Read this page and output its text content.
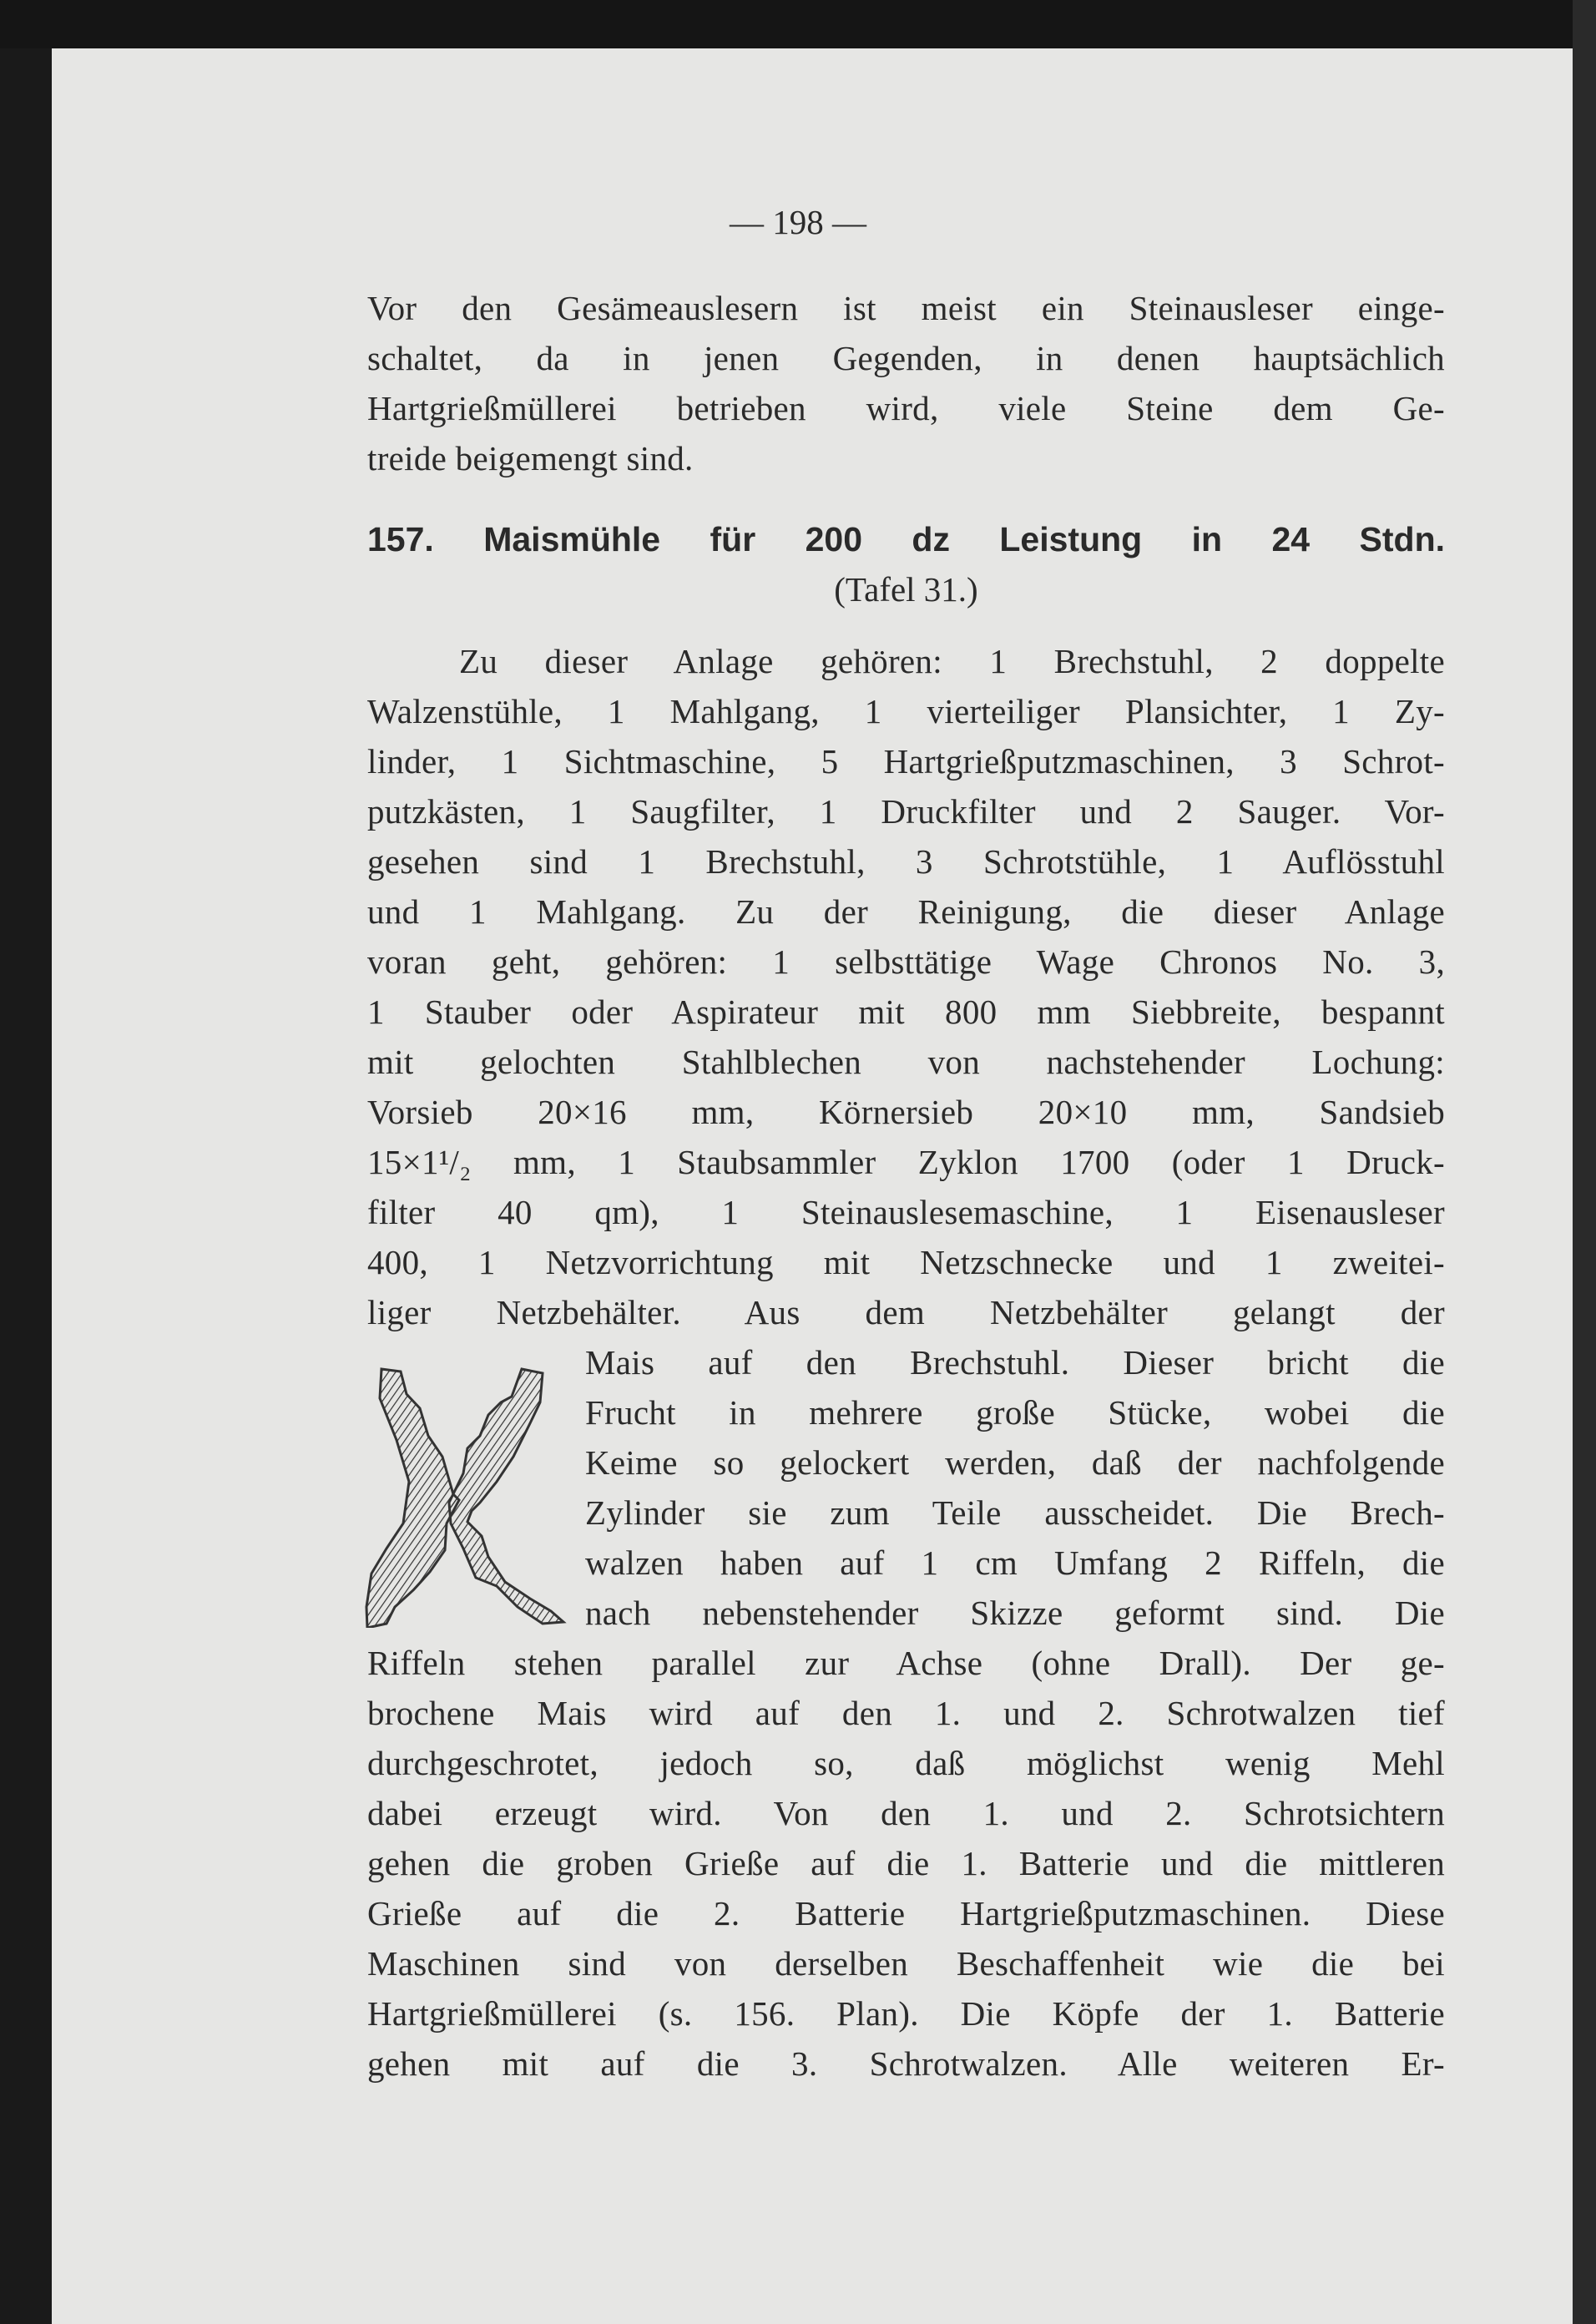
— 198 —
Vor den Gesämeauslesern ist meist ein Steinausleser einge-
schaltet, da in jenen Gegenden, in denen hauptsächlich
Hartgrießmüllerei betrieben wird, viele Steine dem Ge-
treide beigemengt sind.
157. Maismühle für 200 dz Leistung in 24 Stdn.
(Tafel 31.)
Zu dieser Anlage gehören: 1 Brechstuhl, 2 doppelte
Walzenstühle, 1 Mahlgang, 1 vierteiliger Plansichter, 1 Zy-
linder, 1 Sichtmaschine, 5 Hartgrießputzmaschinen, 3 Schrot-
putzkästen, 1 Saugfilter, 1 Druckfilter und 2 Sauger. Vor-
gesehen sind 1 Brechstuhl, 3 Schrotstühle, 1 Auflösstuhl
und 1 Mahlgang. Zu der Reinigung, die dieser Anlage
voran geht, gehören: 1 selbsttätige Wage Chronos No. 3,
1 Stauber oder Aspirateur mit 800 mm Siebbreite, bespannt
mit gelochten Stahlblechen von nachstehender Lochung:
Vorsieb 20×16 mm, Körnersieb 20×10 mm, Sandsieb
15×1¹/₂ mm, 1 Staubsammler Zyklon 1700 (oder 1 Druck-
filter 40 qm), 1 Steinauslesemaschine, 1 Eisenausleser
400, 1 Netzvorrichtung mit Netzschnecke und 1 zweitei-
liger Netzbehälter. Aus dem Netzbehälter gelangt der
Mais auf den Brechstuhl. Dieser bricht die
Frucht in mehrere große Stücke, wobei die
Keime so gelockert werden, daß der nachfolgende
Zylinder sie zum Teile ausscheidet. Die Brech-
walzen haben auf 1 cm Umfang 2 Riffeln, die
nach nebenstehender Skizze geformt sind. Die
Riffeln stehen parallel zur Achse (ohne Drall). Der ge-
brochene Mais wird auf den 1. und 2. Schrotwalzen tief
durchgeschrotet, jedoch so, daß möglichst wenig Mehl
dabei erzeugt wird. Von den 1. und 2. Schrotsichtern
gehen die groben Grieße auf die 1. Batterie und die mittleren
Grieße auf die 2. Batterie Hartgrießputzmaschinen. Diese
Maschinen sind von derselben Beschaffenheit wie die bei
Hartgrießmüllerei (s. 156. Plan). Die Köpfe der 1. Batterie
gehen mit auf die 3. Schrotwalzen. Alle weiteren Er-
